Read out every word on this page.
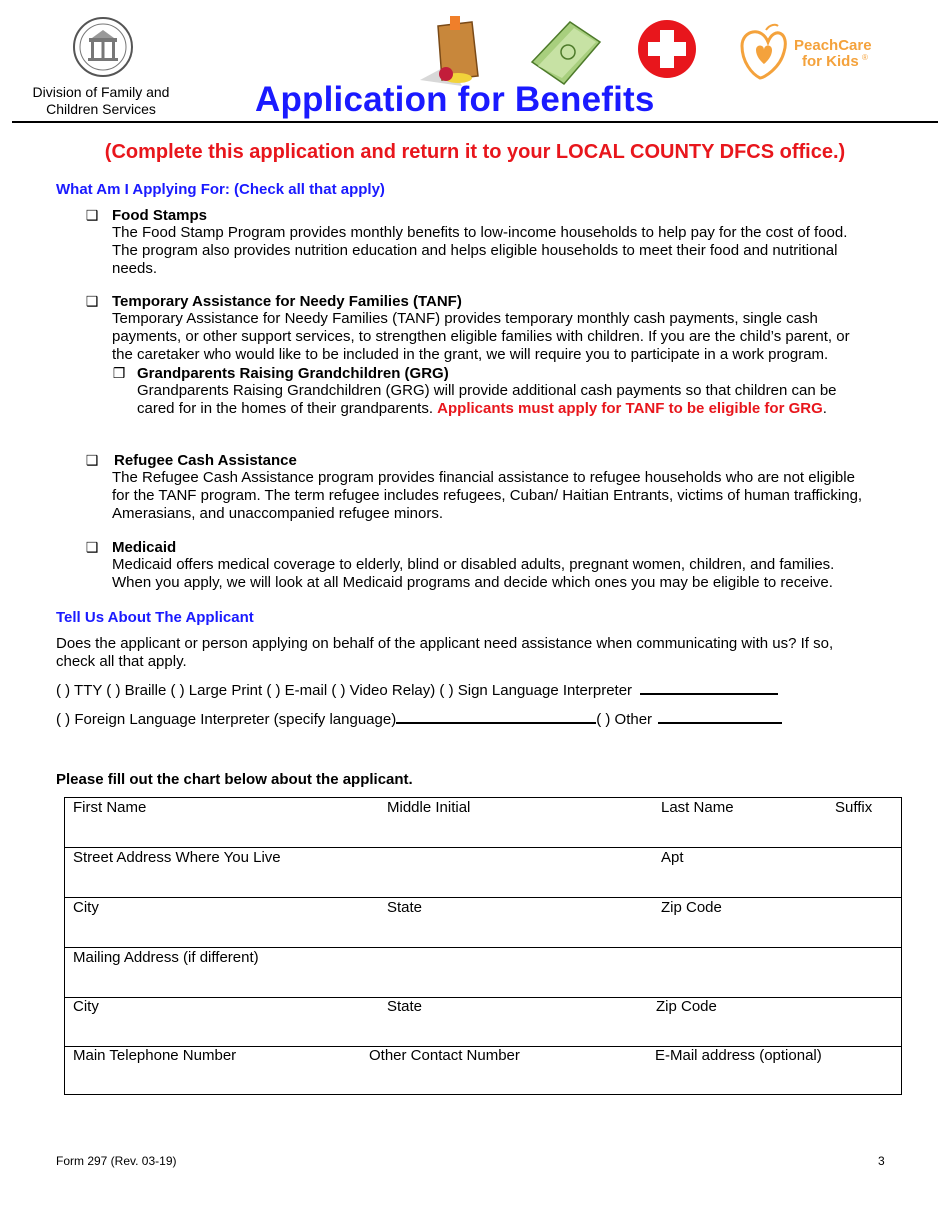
Division of Family and
Children Services
PeachCare
for Kids ®
Application for Benefits
(Complete this application and return it to your LOCAL COUNTY DFCS office.)
What Am I Applying For: (Check all that apply)
❑ Food Stamps
The Food Stamp Program provides monthly benefits to low-income households to help pay for the cost of food.
The program also provides nutrition education and helps eligible households to meet their food and nutritional
needs.
❑ Temporary Assistance for Needy Families (TANF)
Temporary Assistance for Needy Families (TANF) provides temporary monthly cash payments, single cash
payments, or other support services, to strengthen eligible families with children. If you are the child’s parent, or
the caretaker who would like to be included in the grant, we will require you to participate in a work program.
❒ Grandparents Raising Grandchildren (GRG)
Grandparents Raising Grandchildren (GRG) will provide additional cash payments so that children can be
cared for in the homes of their grandparents. Applicants must apply for TANF to be eligible for GRG.
❑ Refugee Cash Assistance
The Refugee Cash Assistance program provides financial assistance to refugee households who are not eligible
for the TANF program. The term refugee includes refugees, Cuban/ Haitian Entrants, victims of human trafficking,
Amerasians, and unaccompanied refugee minors.
❑ Medicaid
Medicaid offers medical coverage to elderly, blind or disabled adults, pregnant women, children, and families.
When you apply, we will look at all Medicaid programs and decide which ones you may be eligible to receive.
Tell Us About The Applicant
Does the applicant or person applying on behalf of the applicant need assistance when communicating with us? If so,
check all that apply.
( ) TTY ( ) Braille ( ) Large Print ( ) E-mail ( ) Video Relay) ( ) Sign Language Interpreter
( ) Foreign Language Interpreter (specify language)	( ) Other
Please fill out the chart below about the applicant.
First Name	Middle Initial	Last Name	Suffix
Street Address Where You Live	Apt
City	State	Zip Code
Mailing Address (if different)
City	State	Zip Code
Main Telephone Number	Other Contact Number	E-Mail address (optional)
Form 297 (Rev. 03-19)	3
